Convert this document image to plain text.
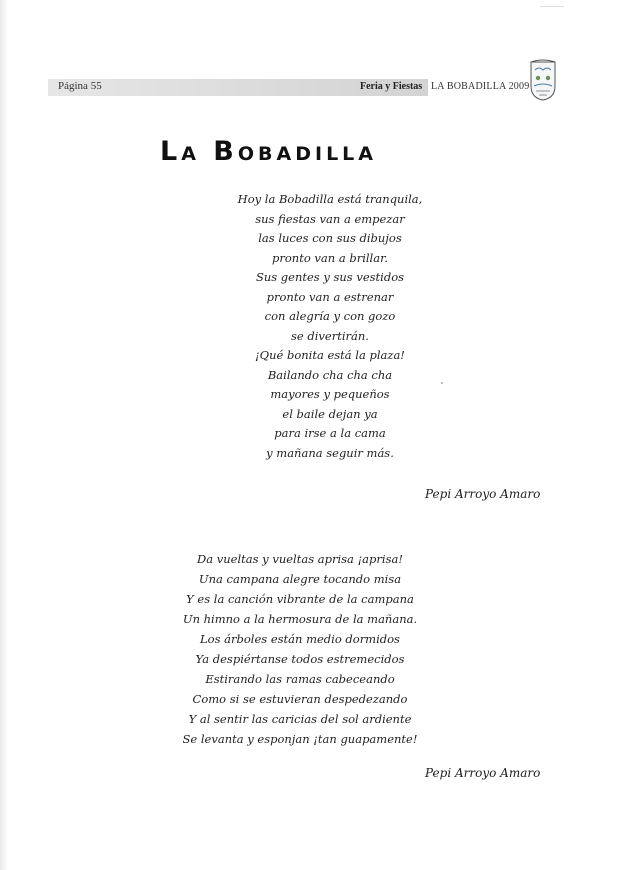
Página 55	Feria y Fiestas LA BOBADILLA 2009
La Bobadilla
Hoy la Bobadilla está tranquila,
sus fiestas van a empezar
las luces con sus dibujos
pronto van a brillar.
Sus gentes y sus vestidos
pronto van a estrenar
con alegría y con gozo
se divertirán.
¡Qué bonita está la plaza!
Bailando cha cha cha
mayores y pequeños
el baile dejan ya
para irse a la cama
y mañana seguir más.
Pepi Arroyo Amaro
Da vueltas y vueltas aprisa ¡aprisa!
Una campana alegre tocando misa
Y es la canción vibrante de la campana
Un himno a la hermosura de la mañana.
Los árboles están medio dormidos
Ya despiértanse todos estremecidos
Estirando las ramas cabeceando
Como si se estuvieran despedezando
Y al sentir las caricias del sol ardiente
Se levanta y esponjan ¡tan guapamente!
Pepi Arroyo Amaro
